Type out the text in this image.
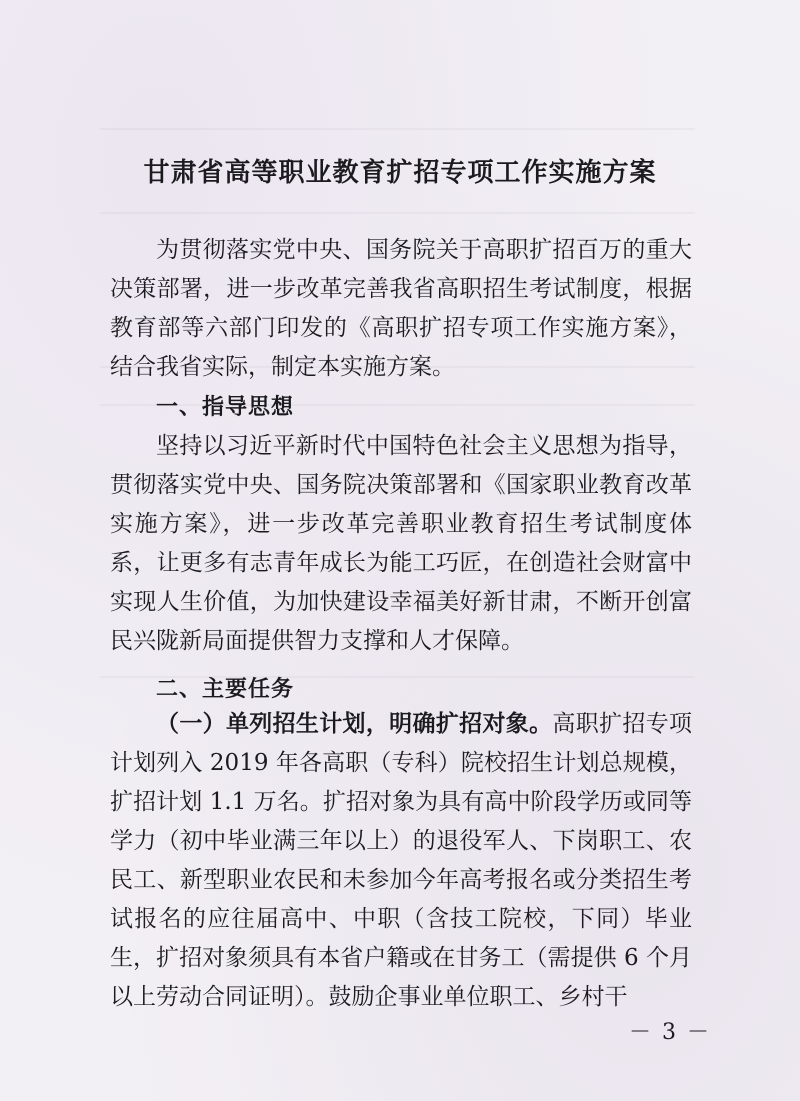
甘肃省高等职业教育扩招专项工作实施方案

为贯彻落实党中央、国务院关于高职扩招百万的重大决策部署，进一步改革完善我省高职招生考试制度，根据教育部等六部门印发的《高职扩招专项工作实施方案》，结合我省实际，制定本实施方案。

一、指导思想

坚持以习近平新时代中国特色社会主义思想为指导，贯彻落实党中央、国务院决策部署和《国家职业教育改革实施方案》，进一步改革完善职业教育招生考试制度体系，让更多有志青年成长为能工巧匠，在创造社会财富中实现人生价值，为加快建设幸福美好新甘肃，不断开创富民兴陇新局面提供智力支撑和人才保障。

二、主要任务

（一）单列招生计划，明确扩招对象。高职扩招专项计划列入 2019 年各高职（专科）院校招生计划总规模，扩招计划 1.1 万名。扩招对象为具有高中阶段学历或同等学力（初中毕业满三年以上）的退役军人、下岗职工、农民工、新型职业农民和未参加今年高考报名或分类招生考试报名的应往届高中、中职（含技工院校，下同）毕业生，扩招对象须具有本省户籍或在甘务工（需提供 6 个月以上劳动合同证明）。鼓励企事业单位职工、乡村干

－ 3 －
